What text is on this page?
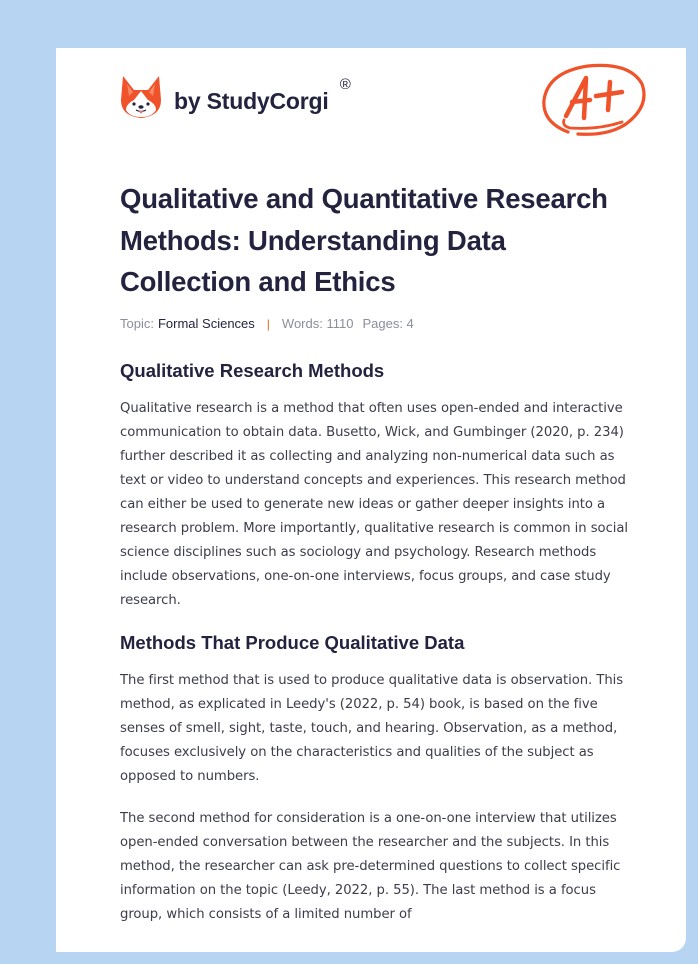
by StudyCorgi
®
Qualitative and Quantitative Research Methods: Understanding Data Collection and Ethics
Topic: Formal Sciences | Words: 1110 Pages: 4
Qualitative Research Methods

Qualitative research is a method that often uses open-ended and interactive communication to obtain data. Busetto, Wick, and Gumbinger (2020, p. 234) further described it as collecting and analyzing non-numerical data such as text or video to understand concepts and experiences. This research method can either be used to generate new ideas or gather deeper insights into a research problem. More importantly, qualitative research is common in social science disciplines such as sociology and psychology. Research methods include observations, one-on-one interviews, focus groups, and case study research.

Methods That Produce Qualitative Data

The first method that is used to produce qualitative data is observation. This method, as explicated in Leedy's (2022, p. 54) book, is based on the five senses of smell, sight, taste, touch, and hearing. Observation, as a method, focuses exclusively on the characteristics and qualities of the subject as opposed to numbers.

The second method for consideration is a one-on-one interview that utilizes open-ended conversation between the researcher and the subjects. In this method, the researcher can ask pre-determined questions to collect specific information on the topic (Leedy, 2022, p. 55). The last method is a focus group, which consists of a limited number of
